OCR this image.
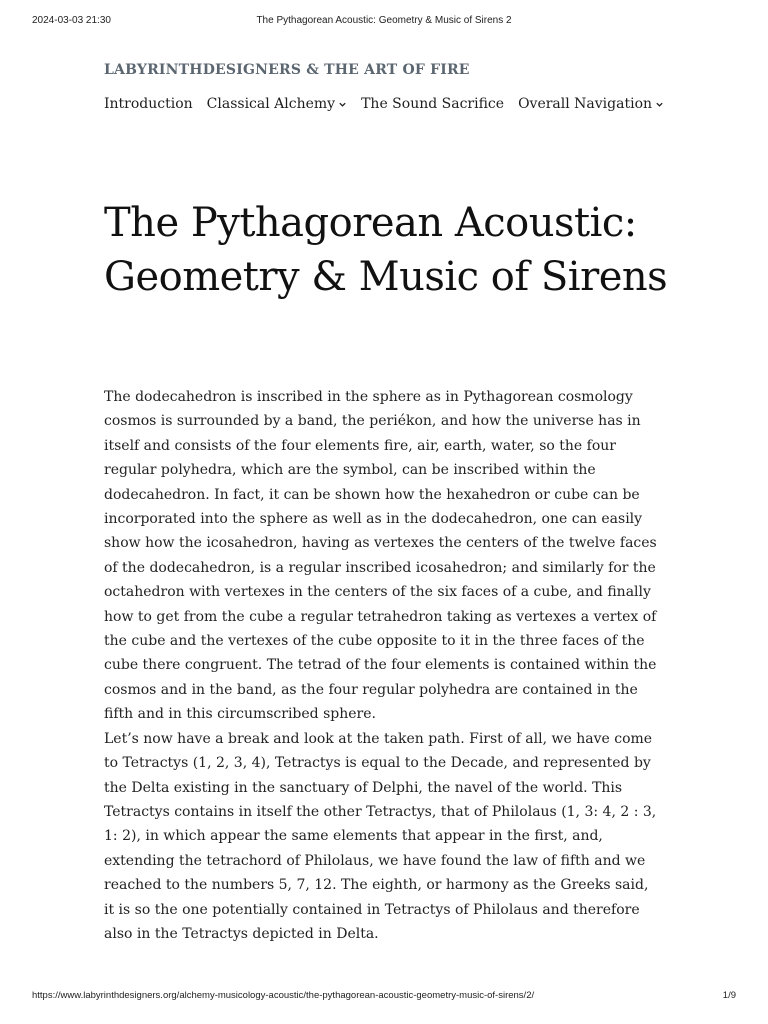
2024-03-03 21:30	The Pythagorean Acoustic: Geometry & Music of Sirens 2
LABYRINTHDESIGNERS & THE ART OF FIRE
Introduction Classical Alchemy The Sound Sacrifice Overall Navigation
The Pythagorean Acoustic: Geometry & Music of Sirens

The dodecahedron is inscribed in the sphere as in Pythagorean cosmology cosmos is surrounded by a band, the periékon, and how the universe has in itself and consists of the four elements fire, air, earth, water, so the four regular polyhedra, which are the symbol, can be inscribed within the dodecahedron. In fact, it can be shown how the hexahedron or cube can be incorporated into the sphere as well as in the dodecahedron, one can easily show how the icosahedron, having as vertexes the centers of the twelve faces of the dodecahedron, is a regular inscribed icosahedron; and similarly for the octahedron with vertexes in the centers of the six faces of a cube, and finally how to get from the cube a regular tetrahedron taking as vertexes a vertex of the cube and the vertexes of the cube opposite to it in the three faces of the cube there congruent. The tetrad of the four elements is contained within the cosmos and in the band, as the four regular polyhedra are contained in the fifth and in this circumscribed sphere.

Let’s now have a break and look at the taken path. First of all, we have come to Tetractys (1, 2, 3, 4), Tetractys is equal to the Decade, and represented by the Delta existing in the sanctuary of Delphi, the navel of the world. This Tetractys contains in itself the other Tetractys, that of Philolaus (1, 3: 4, 2 : 3, 1: 2), in which appear the same elements that appear in the first, and, extending the tetrachord of Philolaus, we have found the law of fifth and we reached to the numbers 5, 7, 12. The eighth, or harmony as the Greeks said, it is so the one potentially contained in Tetractys of Philolaus and therefore also in the Tetractys depicted in Delta.

https://www.labyrinthdesigners.org/alchemy-musicology-acoustic/the-pythagorean-acoustic-geometry-music-of-sirens/2/	1/9
